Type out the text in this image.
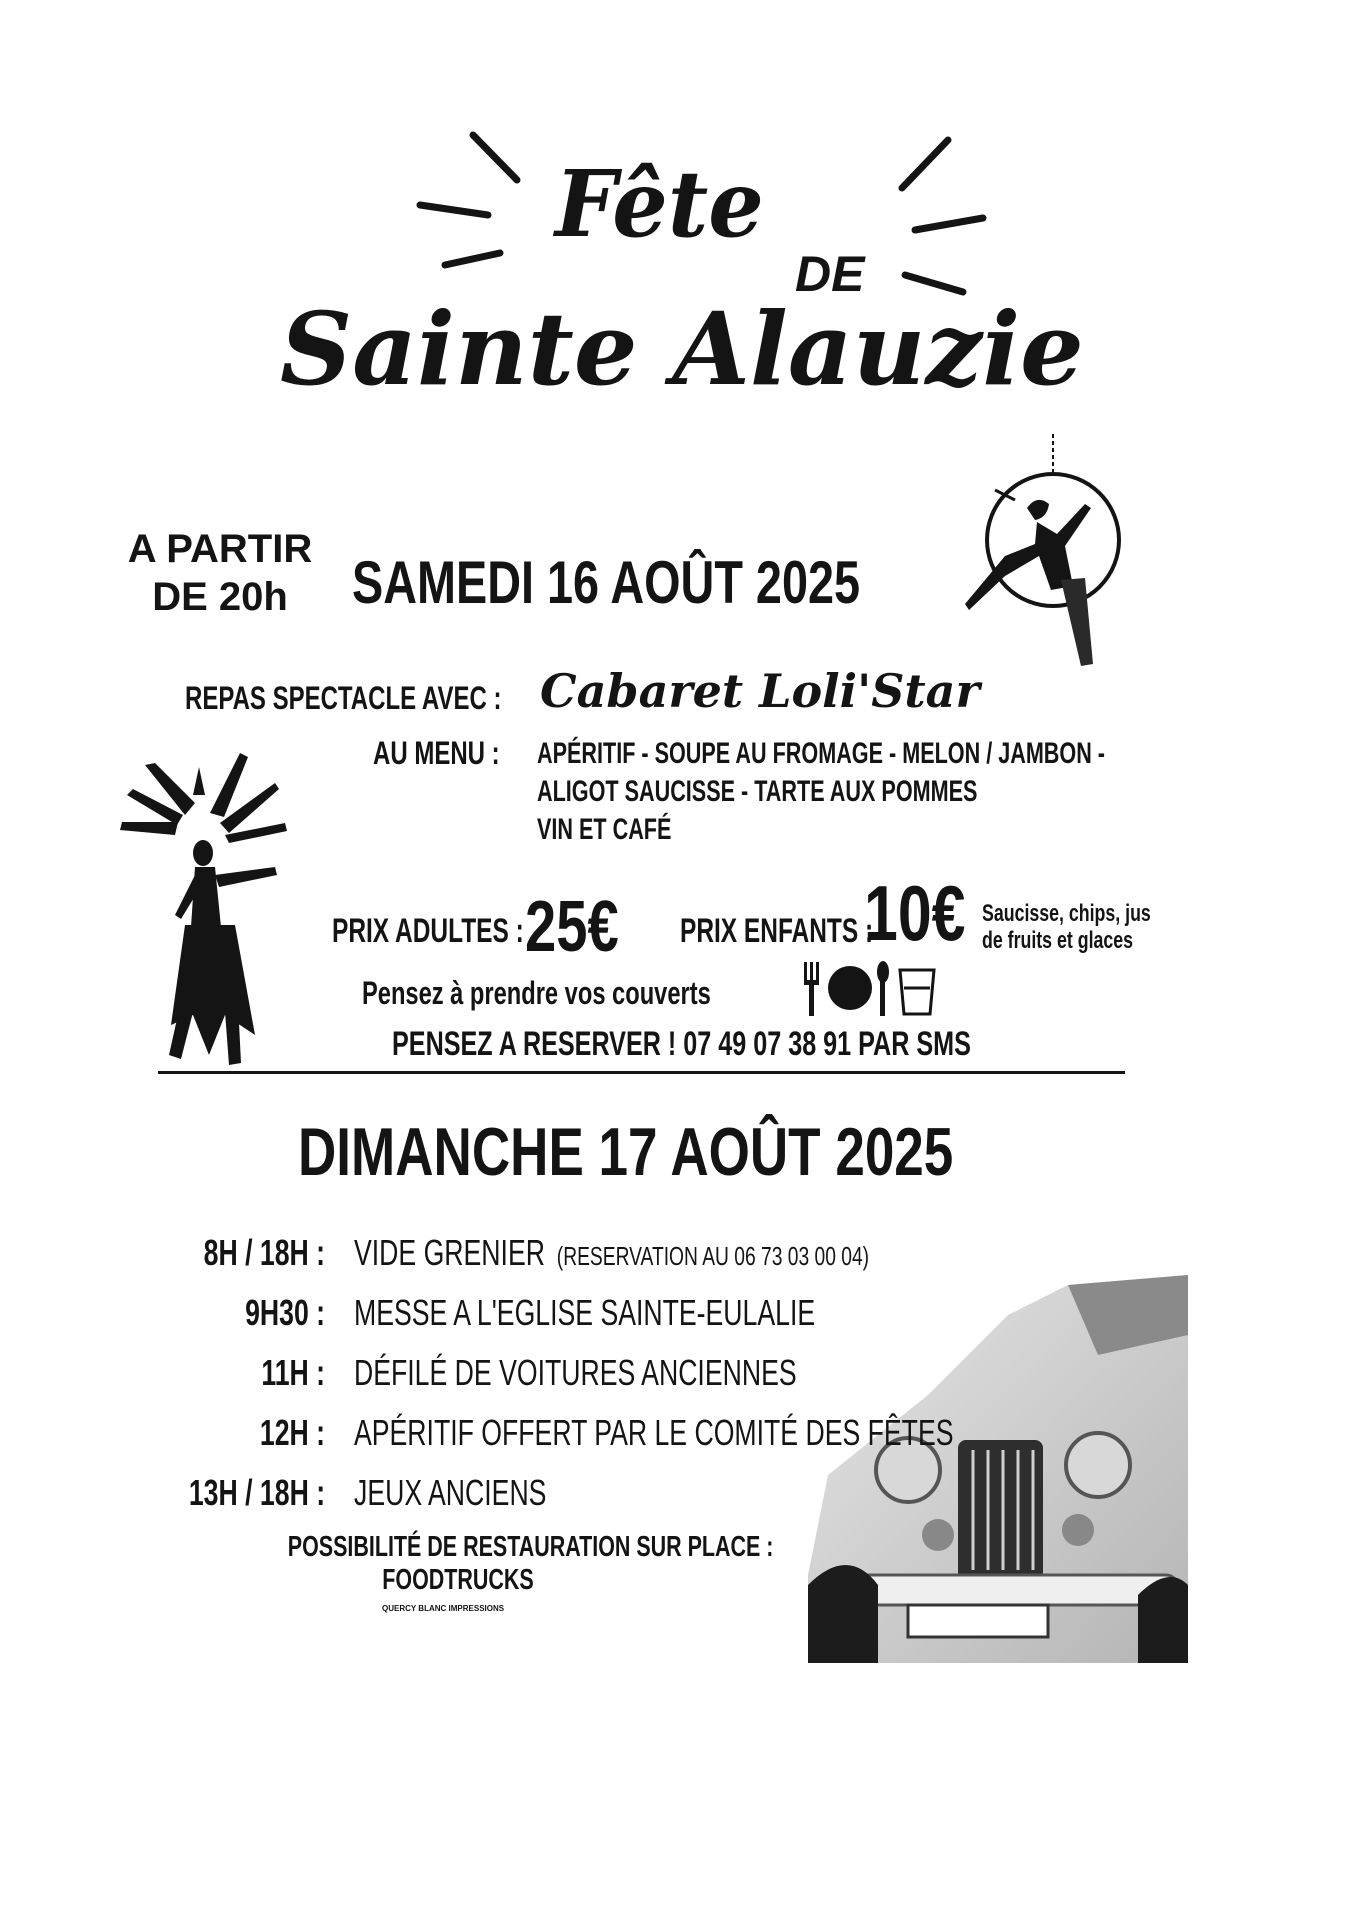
Fête
DE
Sainte Alauzie
A PARTIR
DE 20h	SAMEDI 16 AOÛT 2025
REPAS SPECTACLE AVEC : Cabaret Loli'Star
AU MENU : APÉRITIF - SOUPE AU FROMAGE - MELON / JAMBON -
ALIGOT SAUCISSE - TARTE AUX POMMES
VIN ET CAFÉ
PRIX ADULTES : 25€ PRIX ENFANTS :
10€ Saucisse, chips, jus
de fruits et glaces
Pensez à prendre vos couverts
PENSEZ A RESERVER ! 07 49 07 38 91 PAR SMS
DIMANCHE 17 AOÛT 2025
8H / 18H : VIDE GRENIER (RESERVATION AU 06 73 03 00 04)
9H30 : MESSE A L'EGLISE SAINTE-EULALIE
11H : DÉFILÉ DE VOITURES ANCIENNES
12H : APÉRITIF OFFERT PAR LE COMITÉ DES FÊTES
13H / 18H : JEUX ANCIENS
POSSIBILITÉ DE RESTAURATION SUR PLACE :
FOODTRUCKS
QUERCY BLANC IMPRESSIONS
